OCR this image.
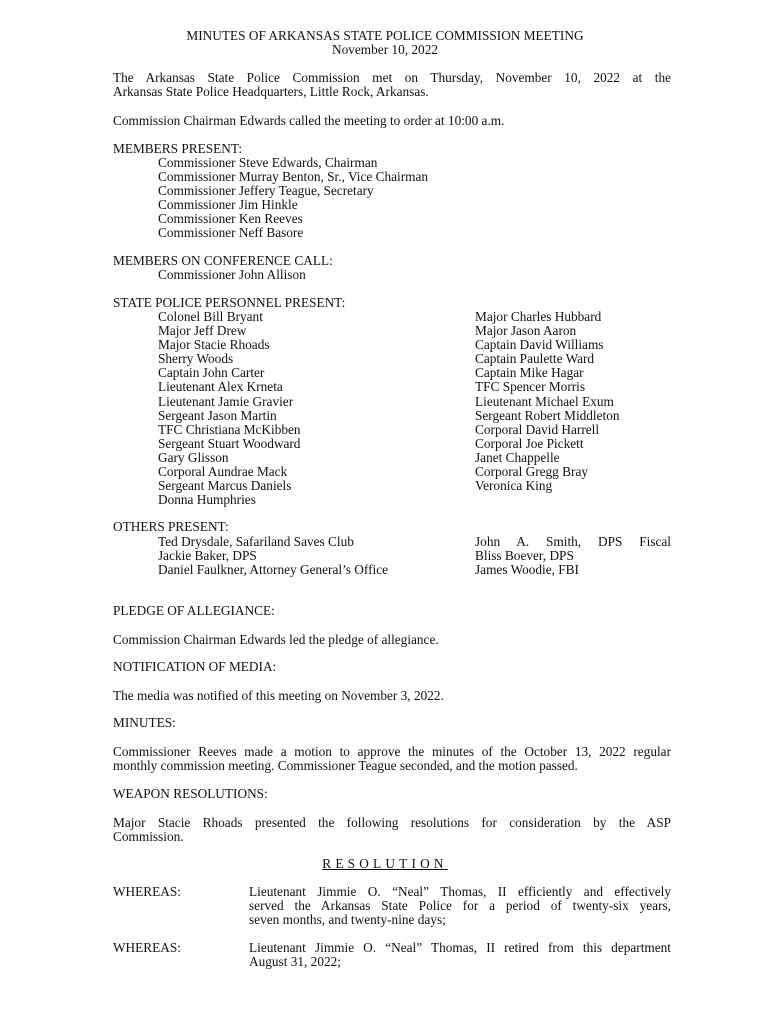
MINUTES OF ARKANSAS STATE POLICE COMMISSION MEETING
November 10, 2022
The Arkansas State Police Commission met on Thursday, November 10, 2022 at the
Arkansas State Police Headquarters, Little Rock, Arkansas.
Commission Chairman Edwards called the meeting to order at 10:00 a.m.
MEMBERS PRESENT:
Commissioner Steve Edwards, Chairman
Commissioner Murray Benton, Sr., Vice Chairman
Commissioner Jeffery Teague, Secretary
Commissioner Jim Hinkle
Commissioner Ken Reeves
Commissioner Neff Basore
MEMBERS ON CONFERENCE CALL:
Commissioner John Allison
STATE POLICE PERSONNEL PRESENT:
Colonel Bill Bryant
Major Jeff Drew
Major Stacie Rhoads
Sherry Woods
Captain John Carter
Lieutenant Alex Krneta
Lieutenant Jamie Gravier
Sergeant Jason Martin
TFC Christiana McKibben
Sergeant Stuart Woodward
Gary Glisson
Corporal Aundrae Mack
Sergeant Marcus Daniels
Donna Humphries
Major Charles Hubbard
Major Jason Aaron
Captain David Williams
Captain Paulette Ward
Captain Mike Hagar
TFC Spencer Morris
Lieutenant Michael Exum
Sergeant Robert Middleton
Corporal David Harrell
Corporal Joe Pickett
Janet Chappelle
Corporal Gregg Bray
Veronica King
OTHERS PRESENT:
Ted Drysdale, Safariland Saves Club
Jackie Baker, DPS
Daniel Faulkner, Attorney General’s Office
John A. Smith, DPS Fiscal
Bliss Boever, DPS
James Woodie, FBI
PLEDGE OF ALLEGIANCE:
Commission Chairman Edwards led the pledge of allegiance.
NOTIFICATION OF MEDIA:
The media was notified of this meeting on November 3, 2022.
MINUTES:
Commissioner Reeves made a motion to approve the minutes of the October 13, 2022 regular
monthly commission meeting. Commissioner Teague seconded, and the motion passed.
WEAPON RESOLUTIONS:
Major Stacie Rhoads presented the following resolutions for consideration by the ASP
Commission.
RESOLUTION
WHEREAS:	Lieutenant Jimmie O. “Neal” Thomas, II efficiently and effectively
served the Arkansas State Police for a period of twenty-six years,
seven months, and twenty-nine days;
WHEREAS:	Lieutenant Jimmie O. “Neal” Thomas, II retired from this department
August 31, 2022;
